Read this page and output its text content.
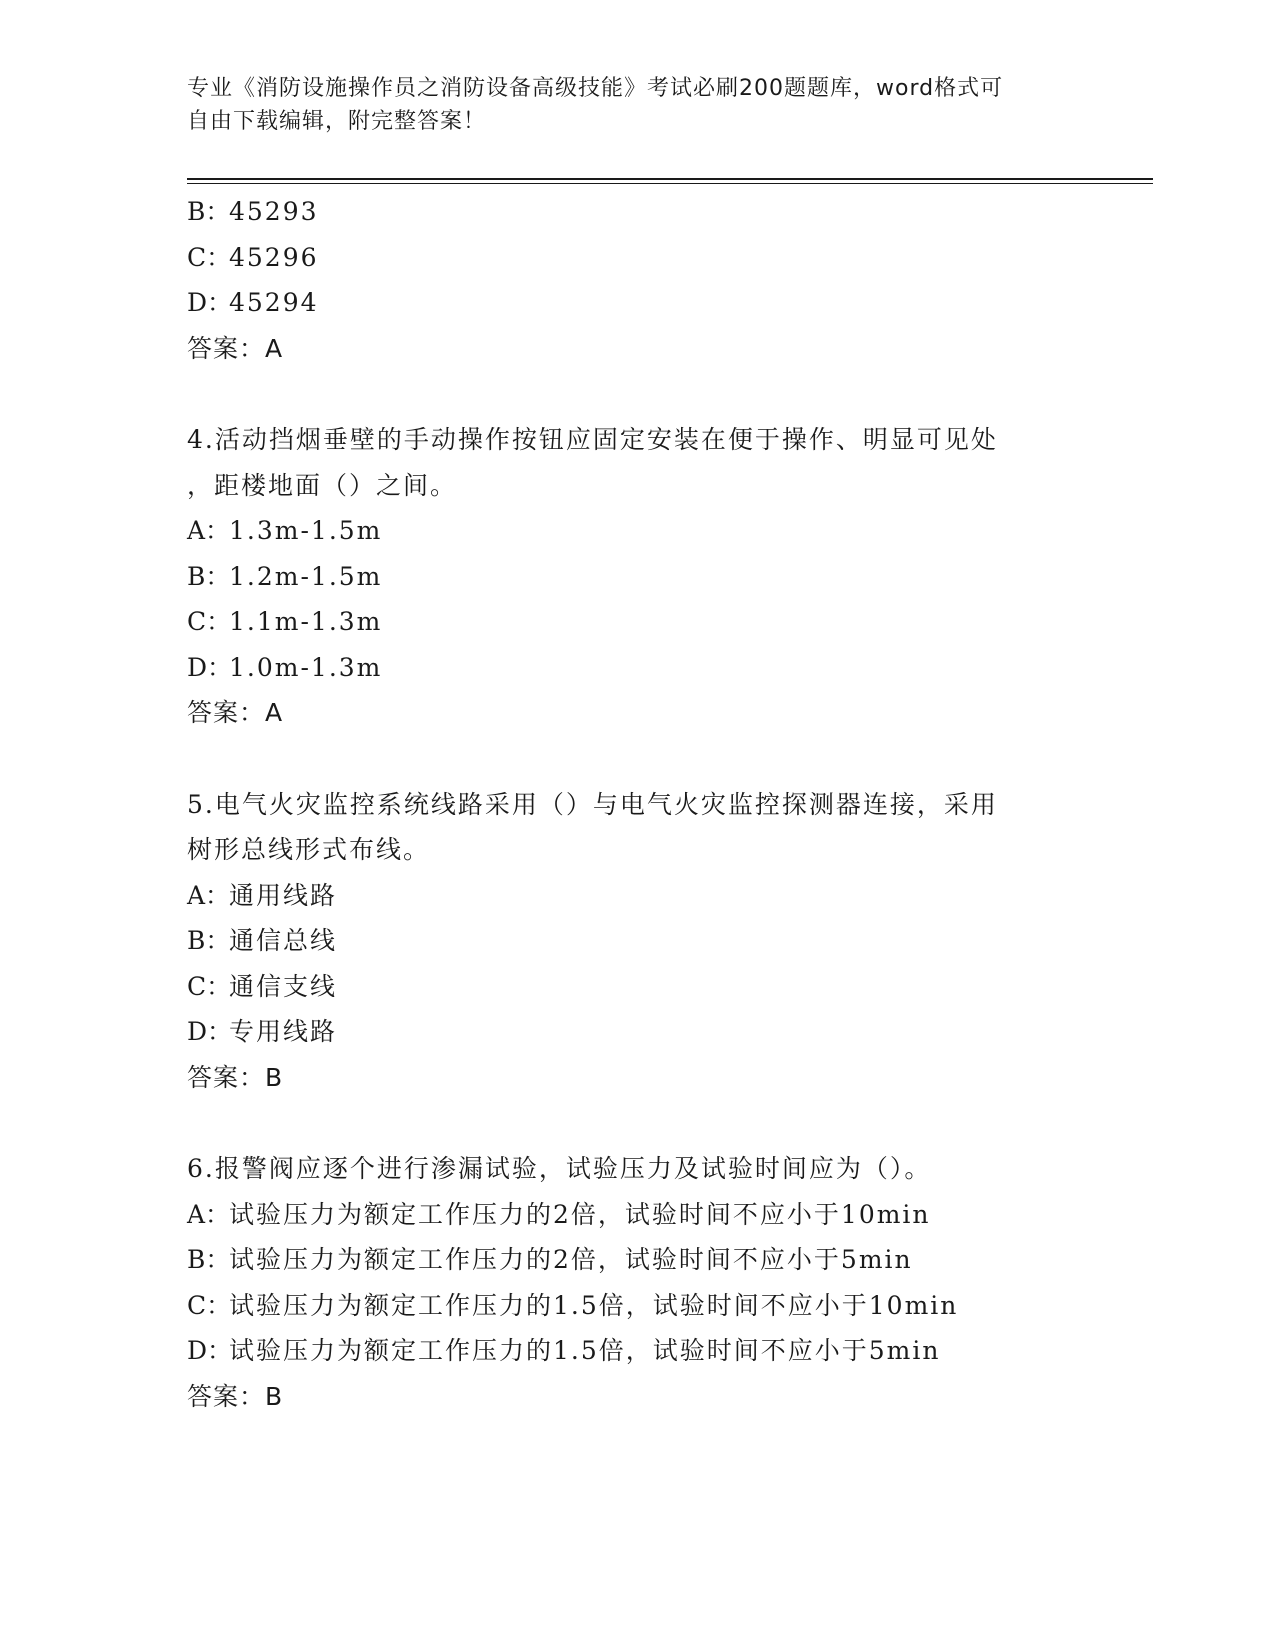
专业《消防设施操作员之消防设备高级技能》考试必刷200题题库，word格式可
自由下载编辑，附完整答案！
B：45293
C：45296
D：45294
答案：A
4.活动挡烟垂壁的手动操作按钮应固定安装在便于操作、明显可见处
，距楼地面（）之间。
A：1.3m-1.5m
B：1.2m-1.5m
C：1.1m-1.3m
D：1.0m-1.3m
答案：A
5.电气火灾监控系统线路采用（）与电气火灾监控探测器连接，采用
树形总线形式布线。
A：通用线路
B：通信总线
C：通信支线
D：专用线路
答案：B
6.报警阀应逐个进行渗漏试验，试验压力及试验时间应为（）。
A：试验压力为额定工作压力的2倍，试验时间不应小于10min
B：试验压力为额定工作压力的2倍，试验时间不应小于5min
C：试验压力为额定工作压力的1.5倍，试验时间不应小于10min
D：试验压力为额定工作压力的1.5倍，试验时间不应小于5min
答案：B
